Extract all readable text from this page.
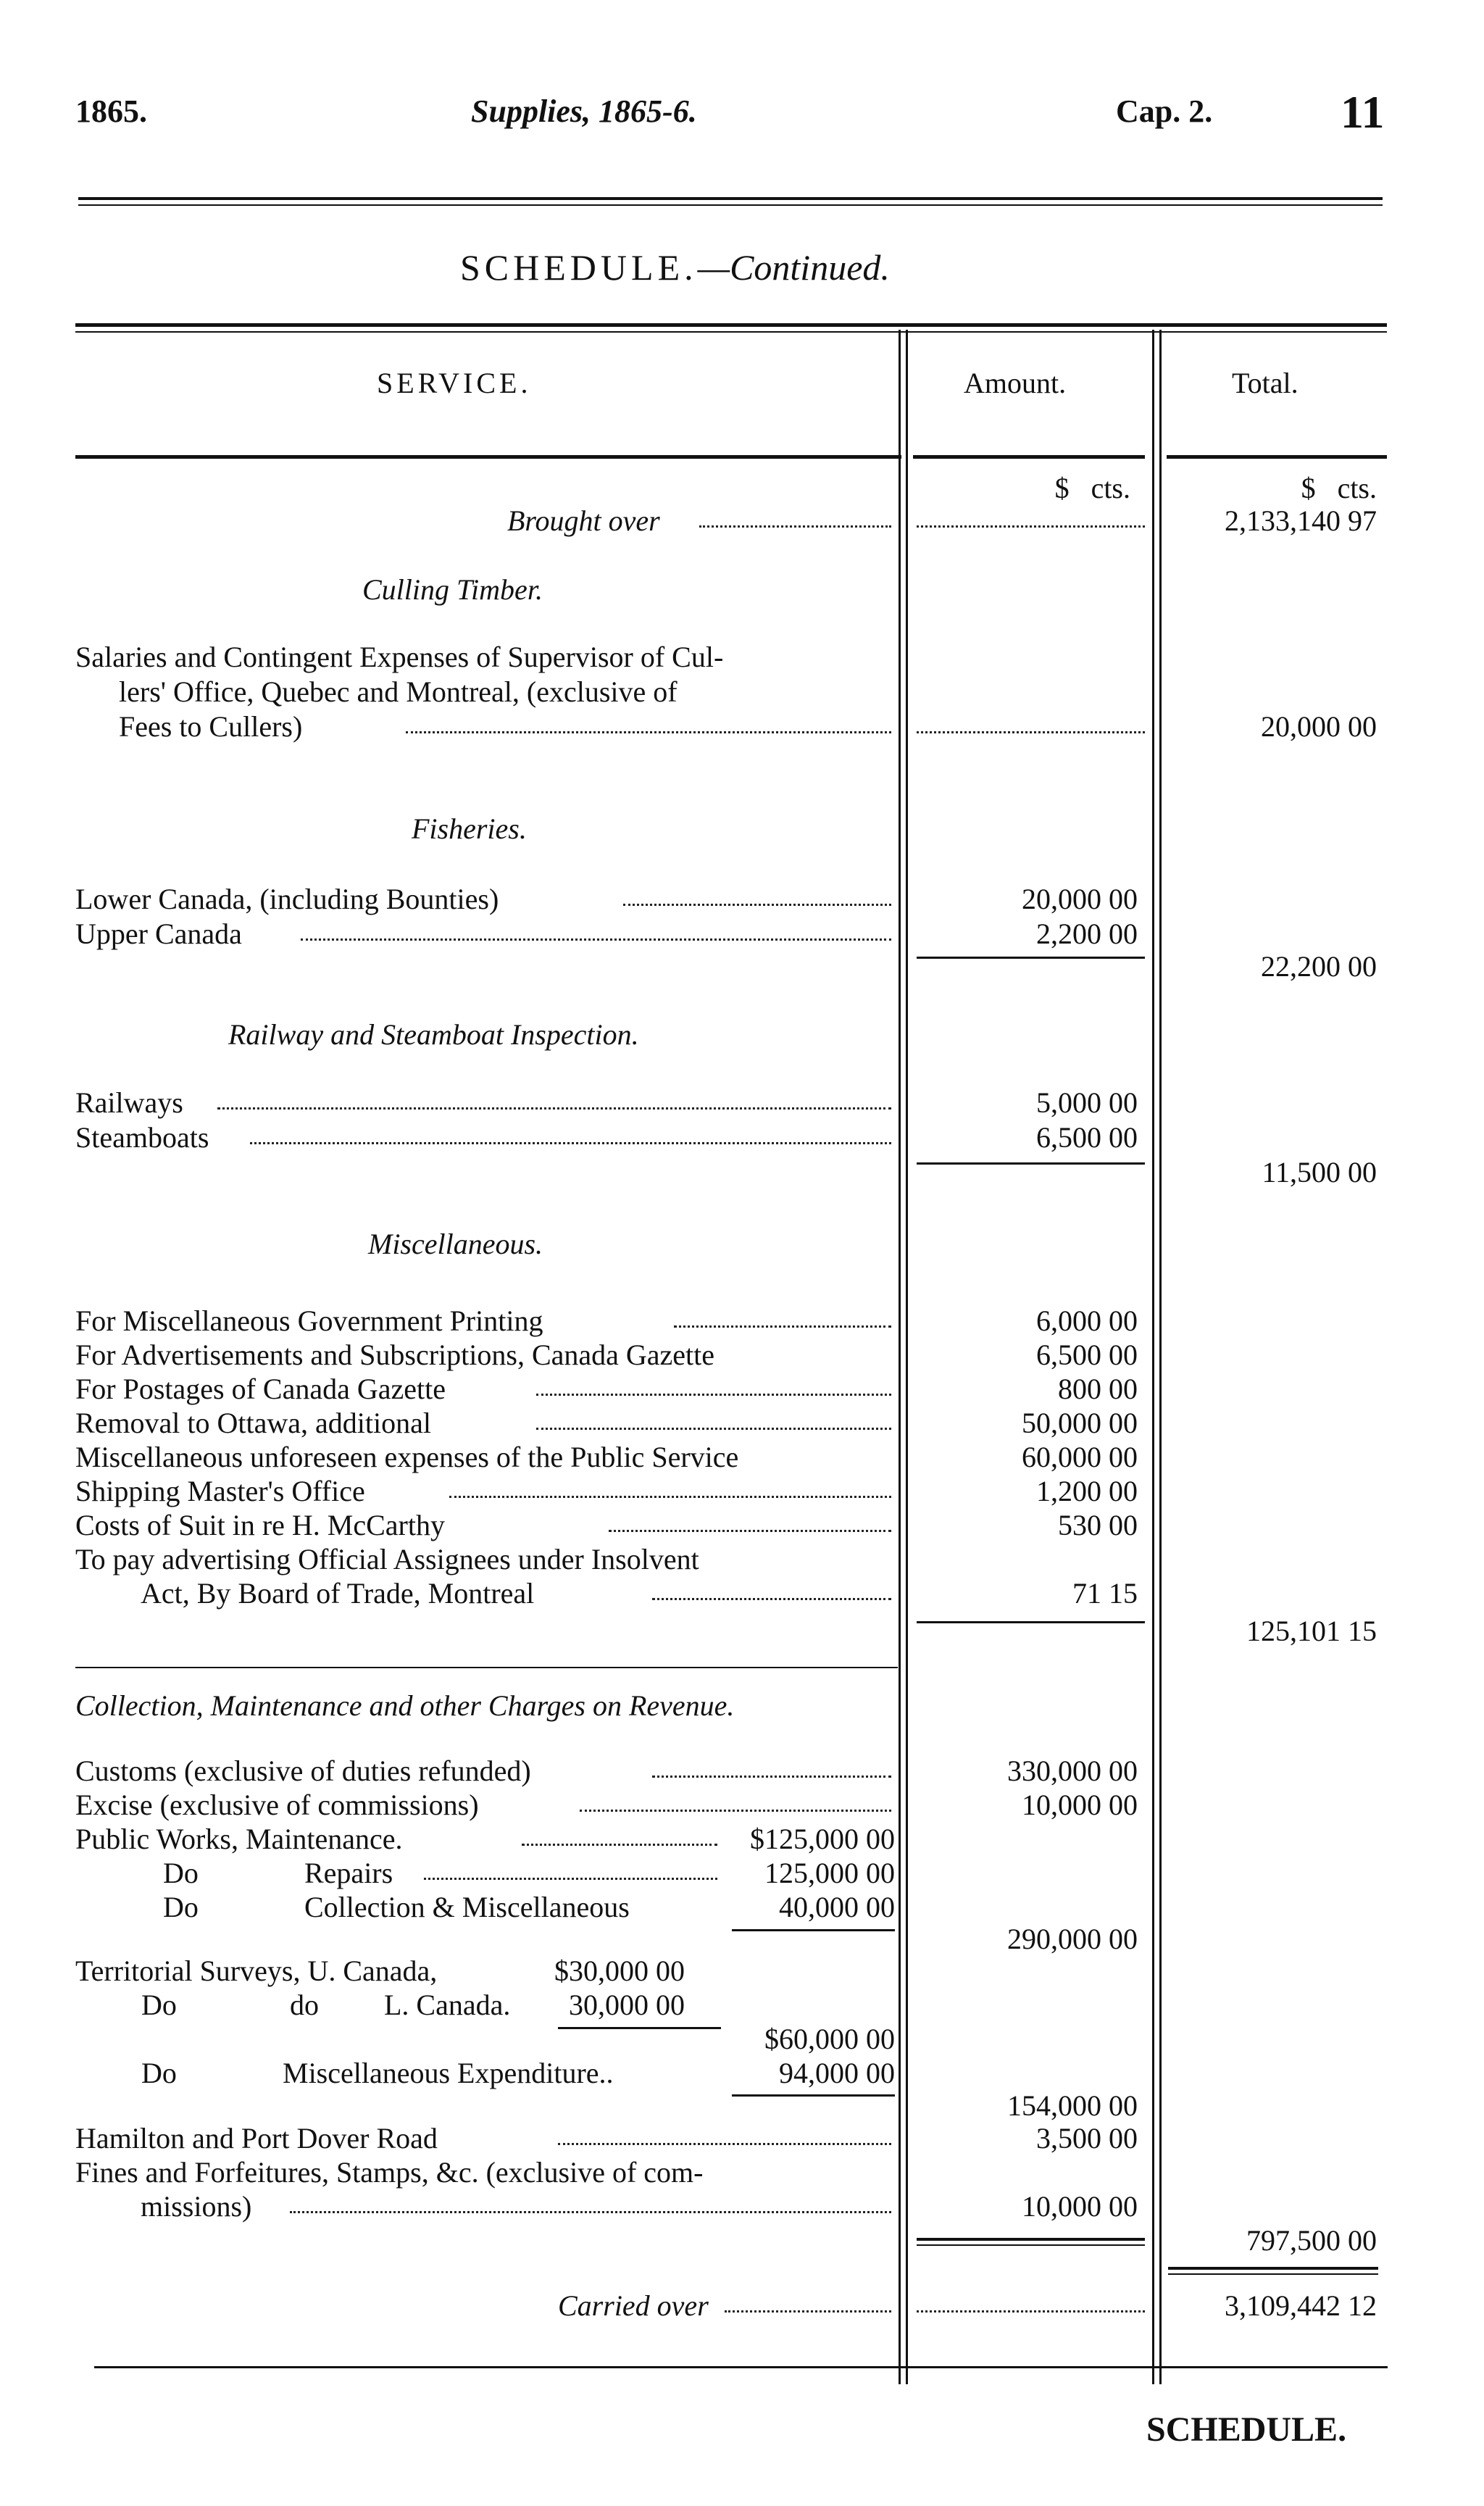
1865.	Supplies, 1865-6.	Cap. 2.	11
SCHEDULE.—Continued.
SERVICE.	Amount.	Total.
$ cts.	$ cts.
Brought over	2,133,140 97
Culling Timber.
Salaries and Contingent Expenses of Supervisor of Cul-
lers' Office, Quebec and Montreal, (exclusive of
Fees to Cullers)	20,000 00
Fisheries.
Lower Canada, (including Bounties)	20,000 00
Upper Canada	2,200 00
22,200 00
Railway and Steamboat Inspection.
Railways	5,000 00
Steamboats	6,500 00
11,500 00
Miscellaneous.
For Miscellaneous Government Printing	6,000 00
For Advertisements and Subscriptions, Canada Gazette	6,500 00
For Postages of Canada Gazette	800 00
Removal to Ottawa, additional	50,000 00
Miscellaneous unforeseen expenses of the Public Service	60,000 00
Shipping Master's Office	1,200 00
Costs of Suit in re H. McCarthy	530 00
To pay advertising Official Assignees under Insolvent
Act, By Board of Trade, Montreal	71 15
125,101 15
Collection, Maintenance and other Charges on Revenue.
Customs (exclusive of duties refunded)	330,000 00
Excise (exclusive of commissions)	10,000 00
Public Works, Maintenance.	$125,000 00
Do	Repairs	125,000 00
Do	Collection & Miscellaneous	40,000 00
290,000 00
Territorial Surveys, U. Canada,	$30,000 00
Do	do L. Canada. 30,000 00
$60,000 00
Do	Miscellaneous Expenditure..	94,000 00
154,000 00
Hamilton and Port Dover Road	3,500 00
Fines and Forfeitures, Stamps, &c. (exclusive of com-
missions)	10,000 00
797,500 00
Carried over	3,109,442 12
SCHEDULE.
